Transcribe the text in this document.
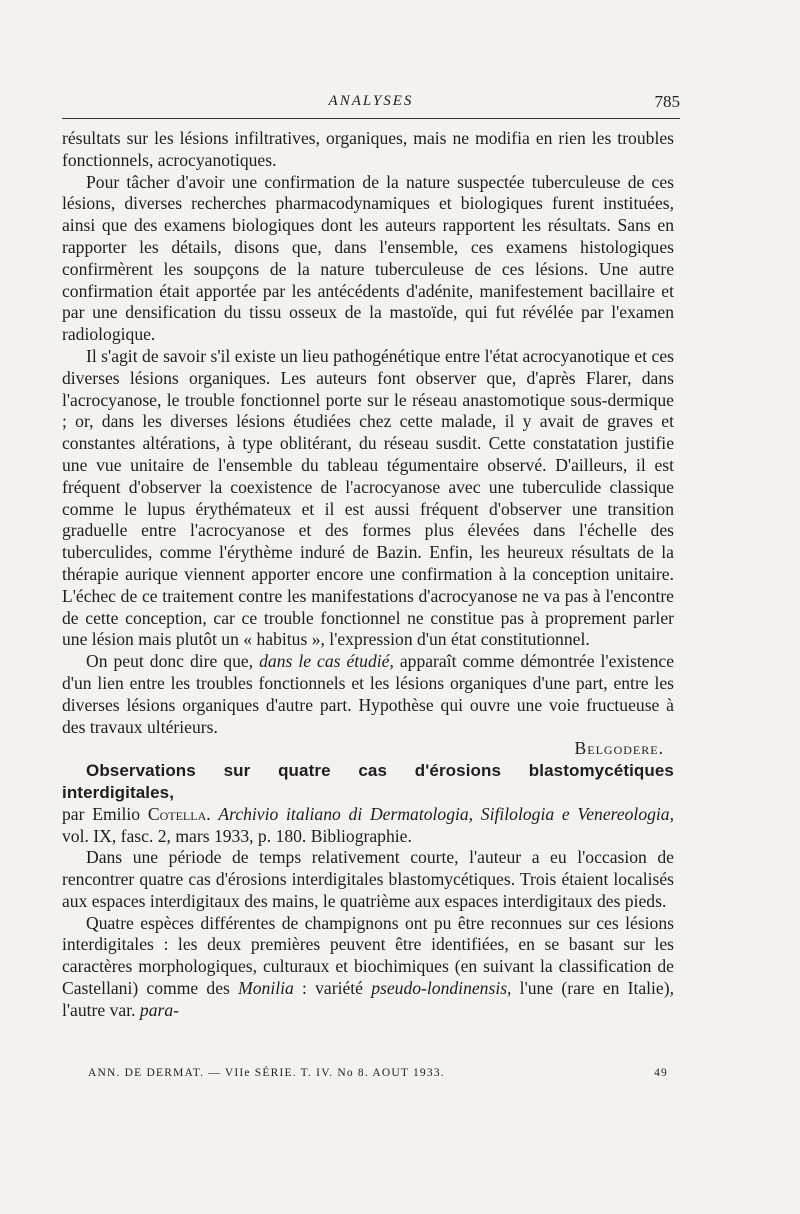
ANALYSES	785

résultats sur les lésions infiltratives, organiques, mais ne modifia en rien les troubles fonctionnels, acrocyanotiques.

Pour tâcher d'avoir une confirmation de la nature suspectée tuberculeuse de ces lésions, diverses recherches pharmacodynamiques et biologiques furent instituées, ainsi que des examens biologiques dont les auteurs rapportent les résultats. Sans en rapporter les détails, disons que, dans l'ensemble, ces examens histologiques confirmèrent les soupçons de la nature tuberculeuse de ces lésions. Une autre confirmation était apportée par les antécédents d'adénite, manifestement bacillaire et par une densification du tissu osseux de la mastoïde, qui fut révélée par l'examen radiologique.

Il s'agit de savoir s'il existe un lieu pathogénétique entre l'état acrocyanotique et ces diverses lésions organiques. Les auteurs font observer que, d'après Flarer, dans l'acrocyanose, le trouble fonctionnel porte sur le réseau anastomotique sous-dermique ; or, dans les diverses lésions étudiées chez cette malade, il y avait de graves et constantes altérations, à type oblitérant, du réseau susdit. Cette constatation justifie une vue unitaire de l'ensemble du tableau tégumentaire observé. D'ailleurs, il est fréquent d'observer la coexistence de l'acrocyanose avec une tuberculide classique comme le lupus érythémateux et il est aussi fréquent d'observer une transition graduelle entre l'acrocyanose et des formes plus élevées dans l'échelle des tuberculides, comme l'érythème induré de Bazin. Enfin, les heureux résultats de la thérapie aurique viennent apporter encore une confirmation à la conception unitaire. L'échec de ce traitement contre les manifestations d'acrocyanose ne va pas à l'encontre de cette conception, car ce trouble fonctionnel ne constitue pas à proprement parler une lésion mais plutôt un « habitus », l'expression d'un état constitutionnel.

On peut donc dire que, dans le cas étudié, apparaît comme démontrée l'existence d'un lien entre les troubles fonctionnels et les lésions organiques d'une part, entre les diverses lésions organiques d'autre part. Hypothèse qui ouvre une voie fructueuse à des travaux ultérieurs.

Belgodere.

Observations sur quatre cas d'érosions blastomycétiques interdigitales,

par Emilio Cotella. Archivio italiano di Dermatologia, Sifilologia e Venereologia, vol. IX, fasc. 2, mars 1933, p. 180. Bibliographie.

Dans une période de temps relativement courte, l'auteur a eu l'occasion de rencontrer quatre cas d'érosions interdigitales blastomycétiques. Trois étaient localisés aux espaces interdigitaux des mains, le quatrième aux espaces interdigitaux des pieds.

Quatre espèces différentes de champignons ont pu être reconnues sur ces lésions interdigitales : les deux premières peuvent être identifiées, en se basant sur les caractères morphologiques, culturaux et biochimiques (en suivant la classification de Castellani) comme des Monilia : variété pseudo-londinensis, l'une (rare en Italie), l'autre var. para-

ANN. DE DERMAT. — VIIe SÉRIE. T. IV. No 8. AOUT 1933.	49
